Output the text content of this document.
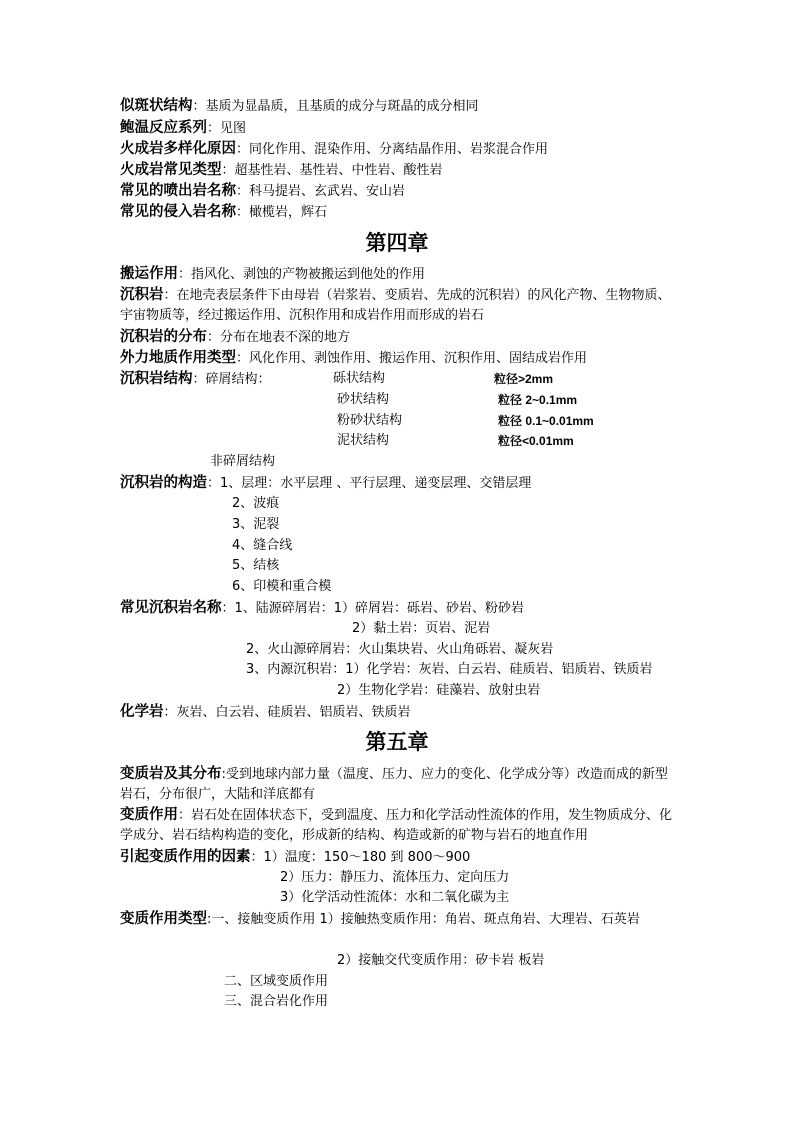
似斑状结构：基质为显晶质，且基质的成分与斑晶的成分相同
鲍温反应系列：见图
火成岩多样化原因：同化作用、混染作用、分离结晶作用、岩浆混合作用
火成岩常见类型：超基性岩、基性岩、中性岩、酸性岩
常见的喷出岩名称：科马提岩、玄武岩、安山岩
常见的侵入岩名称：橄榄岩，辉石
第四章
搬运作用：指风化、剥蚀的产物被搬运到他处的作用
沉积岩：在地壳表层条件下由母岩（岩浆岩、变质岩、先成的沉积岩）的风化产物、生物物质、宇宙物质等，经过搬运作用、沉积作用和成岩作用而形成的岩石
沉积岩的分布：分布在地表不深的地方
外力地质作用类型：风化作用、剥蚀作用、搬运作用、沉积作用、固结成岩作用
沉积岩结构：碎屑结构：	砾状结构	粒径>2mm
砂状结构	粒径 2~0.1mm
粉砂状结构	粒径 0.1~0.01mm
泥状结构	粒径<0.01mm
非碎屑结构
沉积岩的构造：1、层理：水平层理 、平行层理、递变层理、交错层理
2、波痕
3、泥裂
4、缝合线
5、结核
6、印模和重合模
常见沉积岩名称：1、陆源碎屑岩：1）碎屑岩：砾岩、砂岩、粉砂岩
2）黏土岩：页岩、泥岩
2、火山源碎屑岩：火山集块岩、火山角砾岩、凝灰岩
3、内源沉积岩：1）化学岩：灰岩、白云岩、硅质岩、铝质岩、铁质岩
2）生物化学岩：硅藻岩、放射虫岩
化学岩：灰岩、白云岩、硅质岩、铝质岩、铁质岩
第五章
变质岩及其分布:受到地球内部力量（温度、压力、应力的变化、化学成分等）改造而成的新型岩石，分布很广，大陆和洋底都有
变质作用：岩石处在固体状态下，受到温度、压力和化学活动性流体的作用，发生物质成分、化学成分、岩石结构构造的变化，形成新的结构、构造或新的矿物与岩石的地直作用
引起变质作用的因素：1）温度：150～180 到 800～900
2）压力：静压力、流体压力、定向压力
3）化学活动性流体：水和二氧化碳为主
变质作用类型:一、接触变质作用 1）接触热变质作用：角岩、斑点角岩、大理岩、石英岩
2）接触交代变质作用：矽卡岩 板岩
二、区域变质作用
三、混合岩化作用
